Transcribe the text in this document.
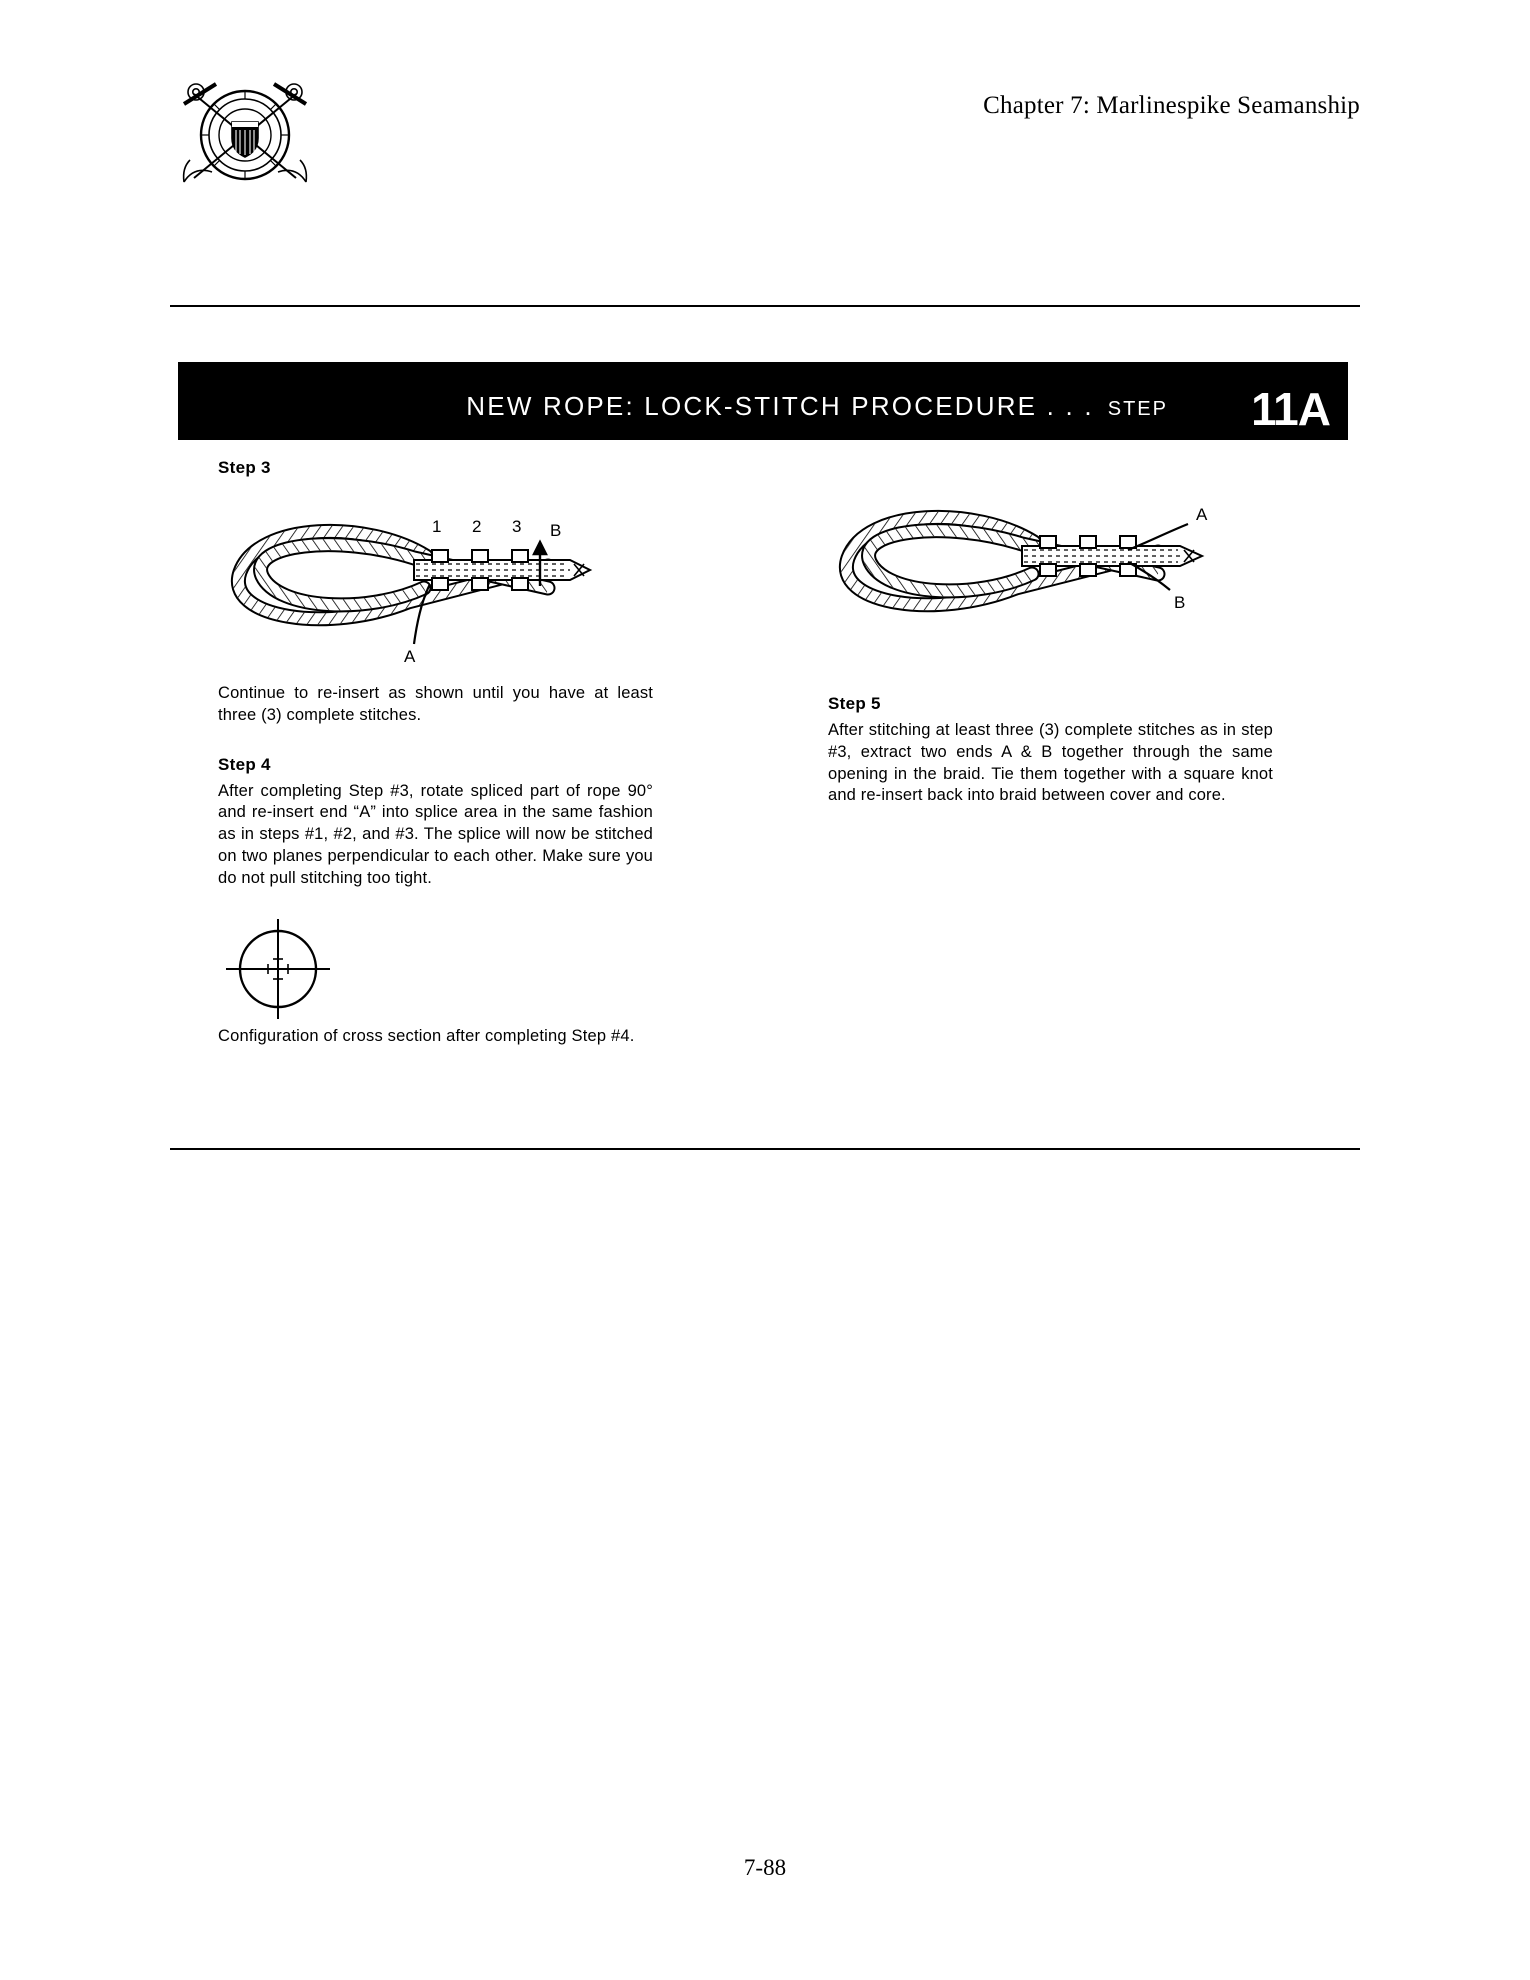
Chapter 7: Marlinespike Seamanship
NEW ROPE: LOCK-STITCH PROCEDURE . . . STEP 11A
Step 3
1 2 3 B
A
Continue to re-insert as shown until you have at least three (3) complete stitches.
Step 4
After completing Step #3, rotate spliced part of rope 90° and re-insert end “A” into splice area in the same fashion as in steps #1, #2, and #3. The splice will now be stitched on two planes perpendicular to each other. Make sure you do not pull stitching too tight.
Configuration of cross section after completing Step #4.
A
B
Step 5
After stitching at least three (3) complete stitches as in step #3, extract two ends A & B together through the same opening in the braid. Tie them together with a square knot and re-insert back into braid between cover and core.
7-88
